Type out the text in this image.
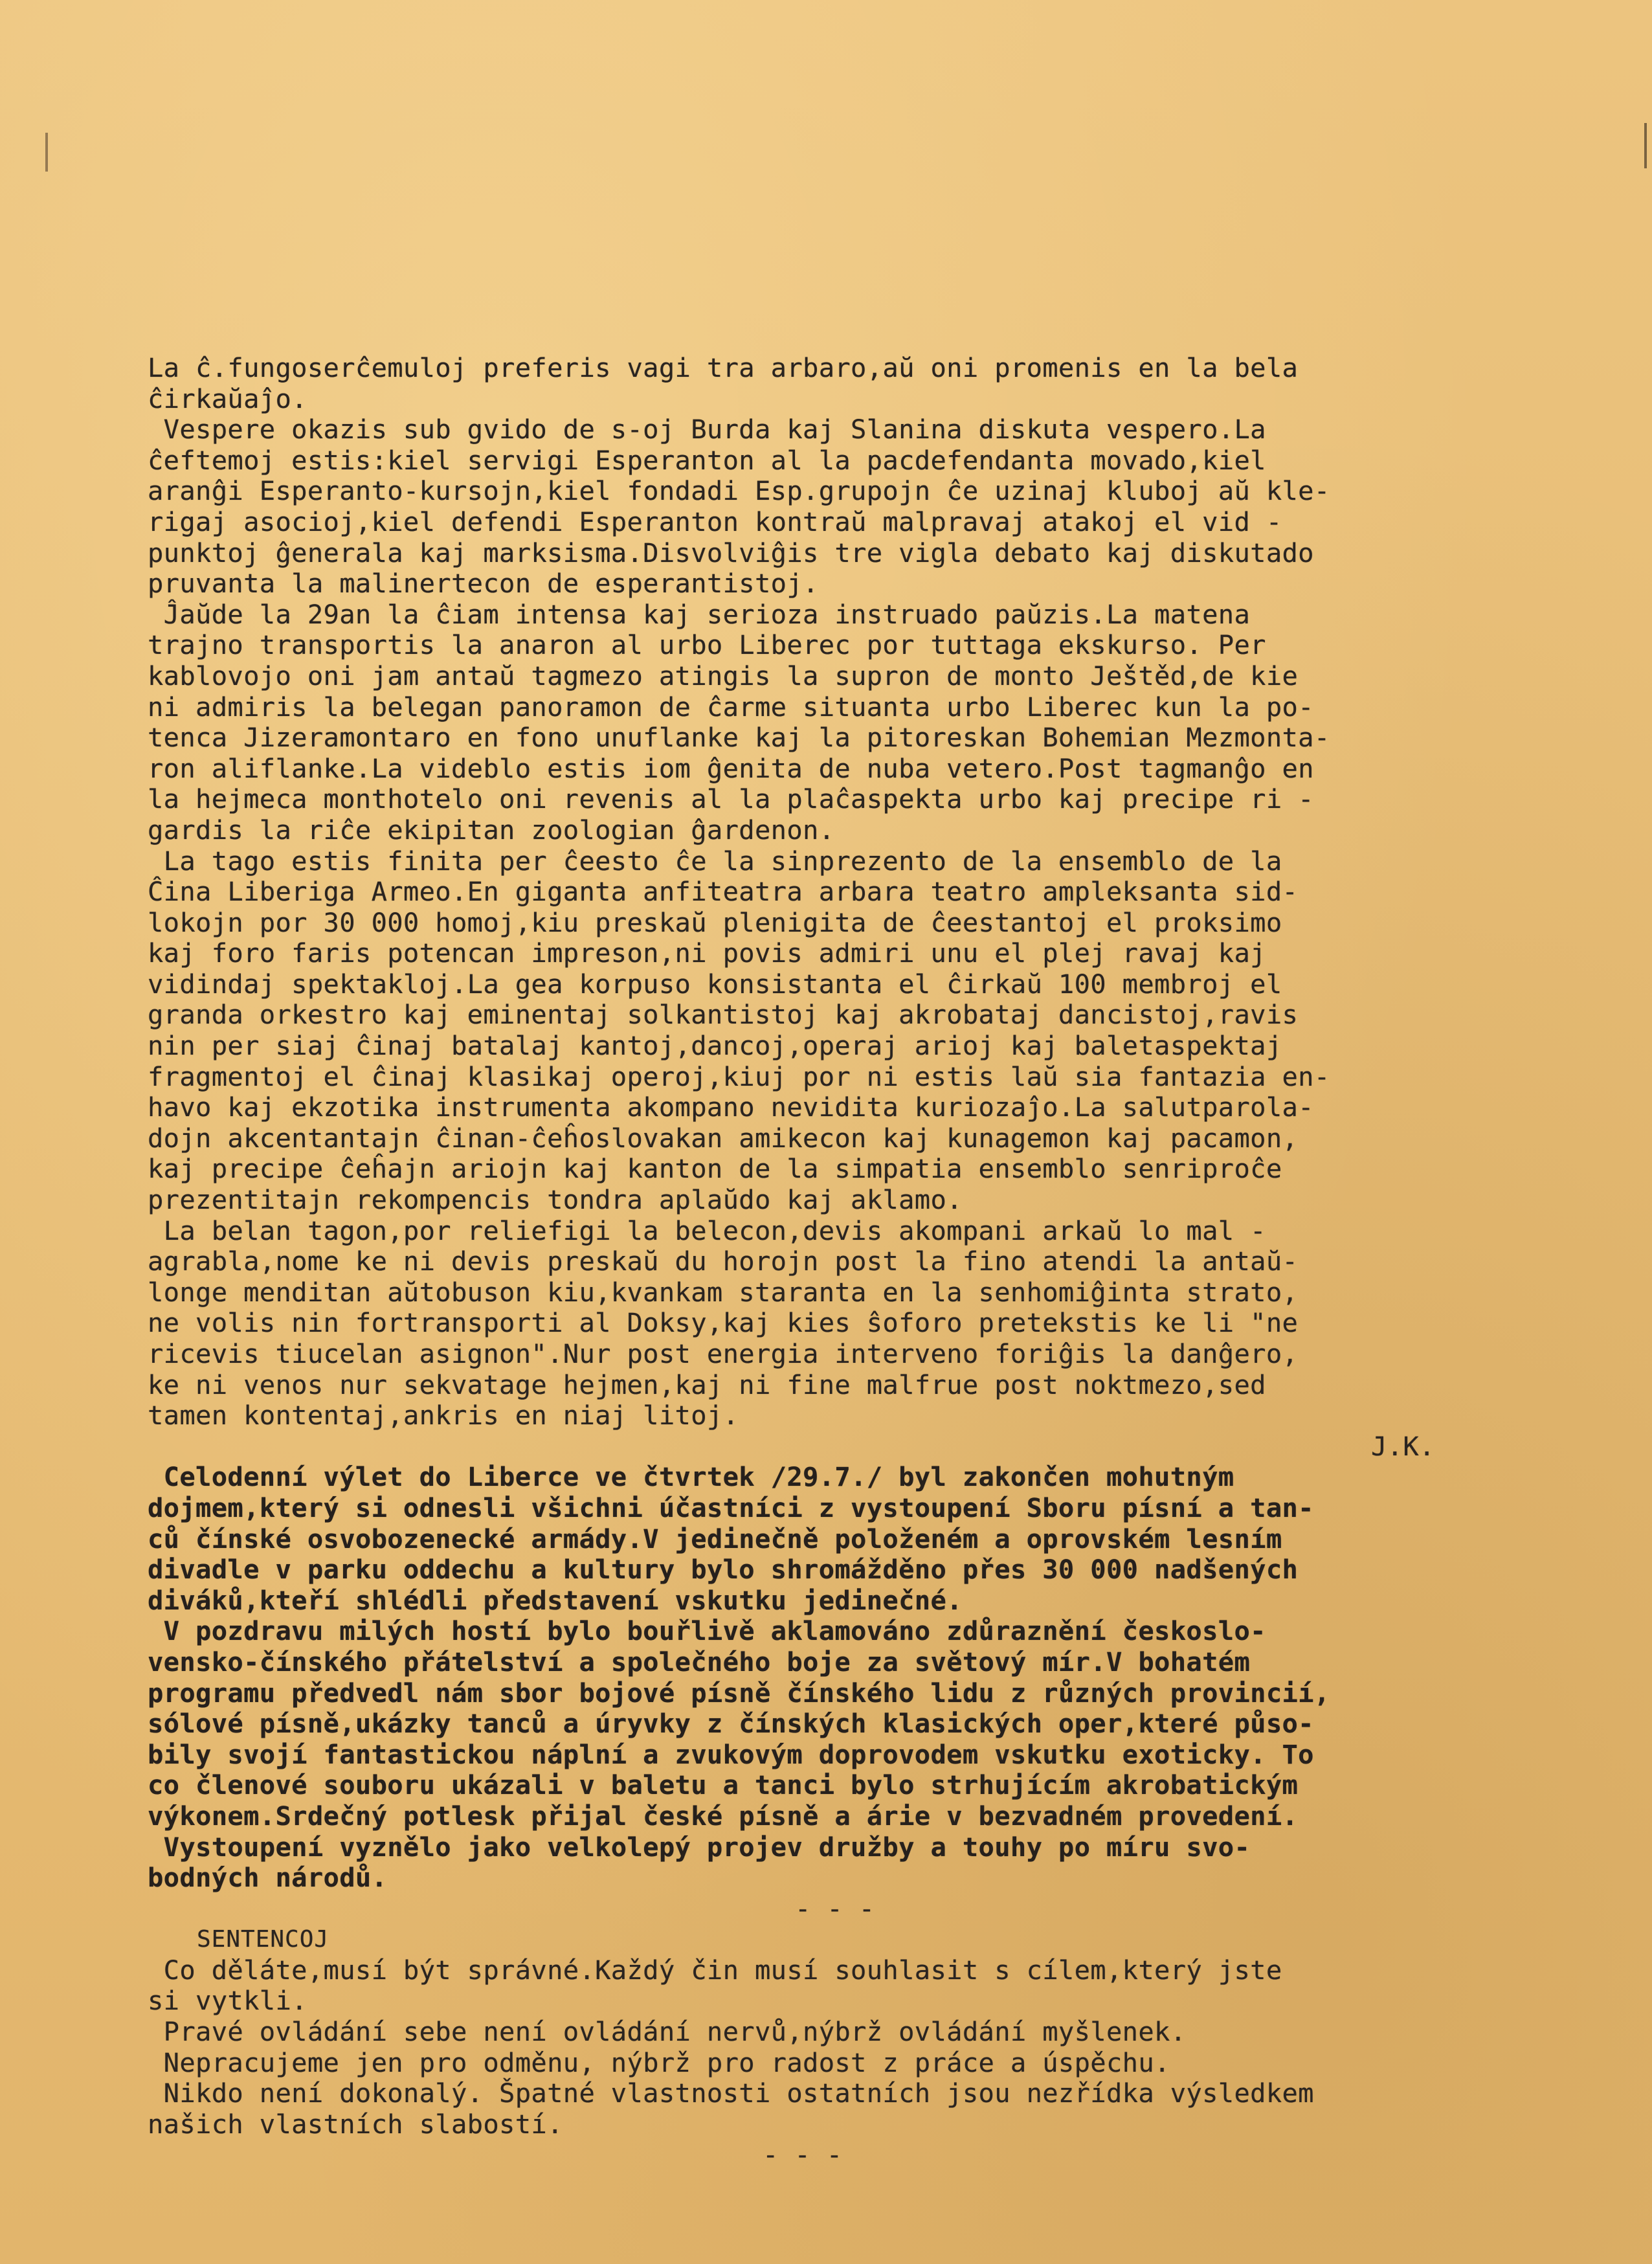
La ĉ.fungoserĉemuloj preferis vagi tra arbaro,aŭ oni promenis en la bela

ĉirkaŭaĵo.

Vespere okazis sub gvido de s-oj Burda kaj Slanina diskuta vespero.La

ĉeftemoj estis:kiel servigi Esperanton al la pacdefendanta movado,kiel

aranĝi Esperanto-kursojn,kiel fondadi Esp.grupojn ĉe uzinaj kluboj aŭ kle-

rigaj asocioj,kiel defendi Esperanton kontraŭ malpravaj atakoj el vid -

punktoj ĝenerala kaj marksisma.Disvolviĝis tre vigla debato kaj diskutado

pruvanta la malinertecon de esperantistoj.

Ĵaŭde la 29an la ĉiam intensa kaj serioza instruado paŭzis.La matena

trajno transportis la anaron al urbo Liberec por tuttaga ekskurso. Per

kablovojo oni jam antaŭ tagmezo atingis la supron de monto Ještěd,de kie

ni admiris la belegan panoramon de ĉarme situanta urbo Liberec kun la po-

tenca Jizeramontaro en fono unuflanke kaj la pitoreskan Bohemian Mezmonta-

ron aliflanke.La videblo estis iom ĝenita de nuba vetero.Post tagmanĝo en

la hejmeca monthotelo oni revenis al la plaĉaspekta urbo kaj precipe ri -

gardis la riĉe ekipitan zoologian ĝardenon.

La tago estis finita per ĉeesto ĉe la sinprezento de la ensemblo de la

Ĉina Liberiga Armeo.En giganta anfiteatra arbara teatro ampleksanta sid-

lokojn por 30 000 homoj,kiu preskaŭ plenigita de ĉeestantoj el proksimo

kaj foro faris potencan impreson,ni povis admiri unu el plej ravaj kaj

vidindaj spektakloj.La gea korpuso konsistanta el ĉirkaŭ 100 membroj el

granda orkestro kaj eminentaj solkantistoj kaj akrobataj dancistoj,ravis

nin per siaj ĉinaj batalaj kantoj,dancoj,operaj arioj kaj baletaspektaj

fragmentoj el ĉinaj klasikaj operoj,kiuj por ni estis laŭ sia fantazia en-

havo kaj ekzotika instrumenta akompano nevidita kuriozaĵo.La salutparola-

dojn akcentantajn ĉinan-ĉeĥoslovakan amikecon kaj kunagemon kaj pacamon,

kaj precipe ĉeĥajn ariojn kaj kanton de la simpatia ensemblo senriproĉe

prezentitajn rekompencis tondra aplaŭdo kaj aklamo.

La belan tagon,por reliefigi la belecon,devis akompani arkaŭ lo mal -

agrabla,nome ke ni devis preskaŭ du horojn post la fino atendi la antaŭ-

longe menditan aŭtobuson kiu,kvankam staranta en la senhomiĝinta strato,

ne volis nin fortransporti al Doksy,kaj kies ŝoforo pretekstis ke li "ne

ricevis tiucelan asignon".Nur post energia interveno foriĝis la danĝero,

ke ni venos nur sekvatage hejmen,kaj ni fine malfrue post noktmezo,sed

tamen kontentaj,ankris en niaj litoj.

J.K.

Celodenní výlet do Liberce ve čtvrtek /29.7./ byl zakončen mohutným

dojmem,který si odnesli všichni účastníci z vystoupení Sboru písní a tan-

ců čínské osvobozenecké armády.V jedinečně položeném a oprovském lesním

divadle v parku oddechu a kultury bylo shromážděno přes 30 000 nadšených

diváků,kteří shlédli představení vskutku jedinečné.

V pozdravu milých hostí bylo bouřlivě aklamováno zdůraznění českoslo-

vensko-čínského přátelství a společného boje za světový mír.V bohatém

programu předvedl nám sbor bojové písně čínského lidu z různých provincií,

sólové písně,ukázky tanců a úryvky z čínských klasických oper,které půso-

bily svojí fantastickou náplní a zvukovým doprovodem vskutku exoticky. To

co členové souboru ukázali v baletu a tanci bylo strhujícím akrobatickým

výkonem.Srdečný potlesk přijal české písně a árie v bezvadném provedení.

Vystoupení vyznělo jako velkolepý projev družby a touhy po míru svo-

bodných národů.

- - -

SENTENCOJ

Co děláte,musí být správné.Každý čin musí souhlasit s cílem,který jste

si vytkli.

Pravé ovládání sebe není ovládání nervů,nýbrž ovládání myšlenek.

Nepracujeme jen pro odměnu, nýbrž pro radost z práce a úspěchu.

Nikdo není dokonalý. Špatné vlastnosti ostatních jsou nezřídka výsledkem

našich vlastních slabostí.

- - -
